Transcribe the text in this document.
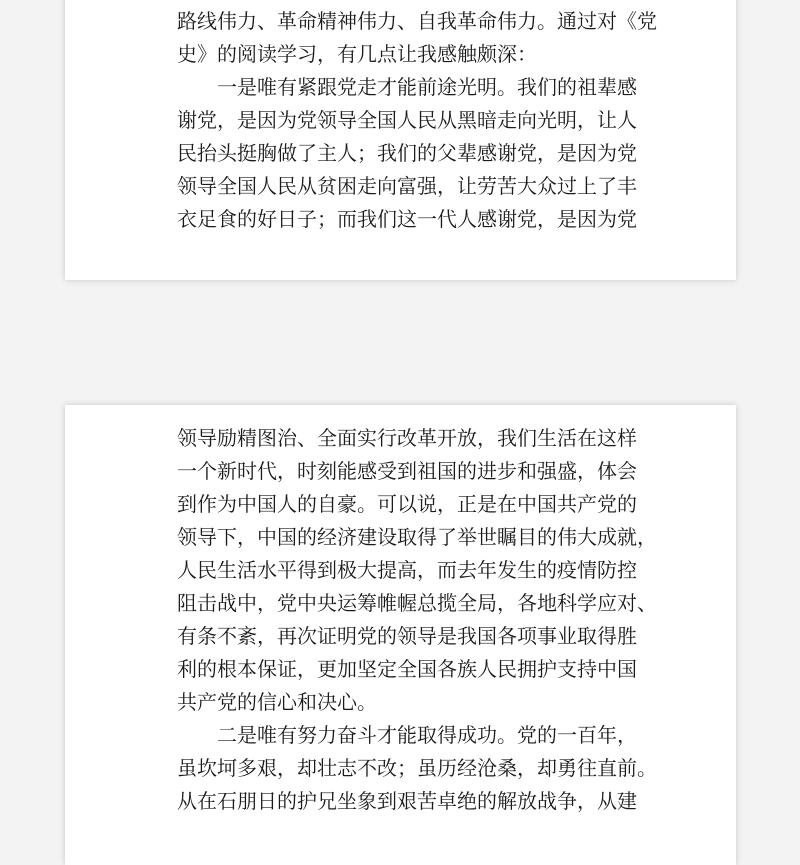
路线伟力、革命精神伟力、自我革命伟力。通过对《党

史》的阅读学习，有几点让我感触颇深：

一是唯有紧跟党走才能前途光明。我们的祖辈感

谢党，是因为党领导全国人民从黑暗走向光明，让人

民抬头挺胸做了主人；我们的父辈感谢党，是因为党

领导全国人民从贫困走向富强，让劳苦大众过上了丰

衣足食的好日子；而我们这一代人感谢党，是因为党

领导励精图治、全面实行改革开放，我们生活在这样

一个新时代，时刻能感受到祖国的进步和强盛，体会

到作为中国人的自豪。可以说，正是在中国共产党的

领导下，中国的经济建设取得了举世瞩目的伟大成就，

人民生活水平得到极大提高，而去年发生的疫情防控

阻击战中，党中央运筹帷幄总揽全局，各地科学应对、

有条不紊，再次证明党的领导是我国各项事业取得胜

利的根本保证，更加坚定全国各族人民拥护支持中国

共产党的信心和决心。

二是唯有努力奋斗才能取得成功。党的一百年，

虽坎坷多艰，却壮志不改；虽历经沧桑，却勇往直前。

从在石朋日的护兄坐象到艰苦卓绝的解放战争，从建
